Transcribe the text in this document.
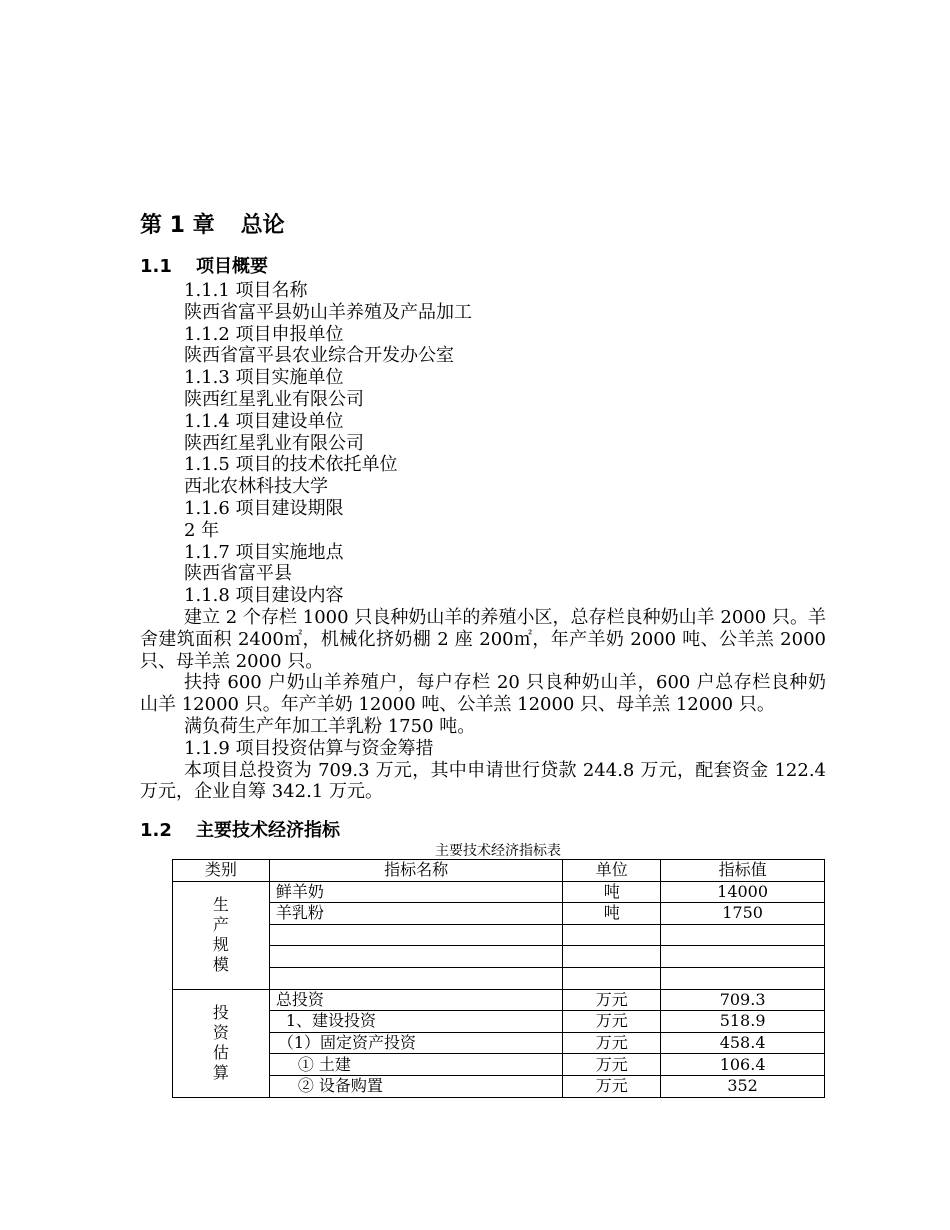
第 1 章 总论
1.1 项目概要
1.1.1 项目名称
陕西省富平县奶山羊养殖及产品加工
1.1.2 项目申报单位
陕西省富平县农业综合开发办公室
1.1.3 项目实施单位
陕西红星乳业有限公司
1.1.4 项目建设单位
陕西红星乳业有限公司
1.1.5 项目的技术依托单位
西北农林科技大学
1.1.6 项目建设期限
2 年
1.1.7 项目实施地点
陕西省富平县
1.1.8 项目建设内容
建立 2 个存栏 1000 只良种奶山羊的养殖小区，总存栏良种奶山羊 2000 只。羊舍建筑面积 2400㎡，机械化挤奶棚 2 座 200㎡，年产羊奶 2000 吨、公羊羔 2000 只、母羊羔 2000 只。
扶持 600 户奶山羊养殖户，每户存栏 20 只良种奶山羊，600 户总存栏良种奶山羊 12000 只。年产羊奶 12000 吨、公羊羔 12000 只、母羊羔 12000 只。
满负荷生产年加工羊乳粉 1750 吨。
1.1.9 项目投资估算与资金筹措
本项目总投资为 709.3 万元，其中申请世行贷款 244.8 万元，配套资金 122.4 万元，企业自筹 342.1 万元。
1.2 主要技术经济指标
主要技术经济指标表
类别	指标名称	单位	指标值

生
产
规
模	鲜羊奶	吨	14000
	羊乳粉	吨	1750

投
资
估
算	总投资	万元	709.3
	1、建设投资	万元	518.9
	（1）固定资产投资	万元	458.4
	① 土建	万元	106.4
	② 设备购置	万元	352
